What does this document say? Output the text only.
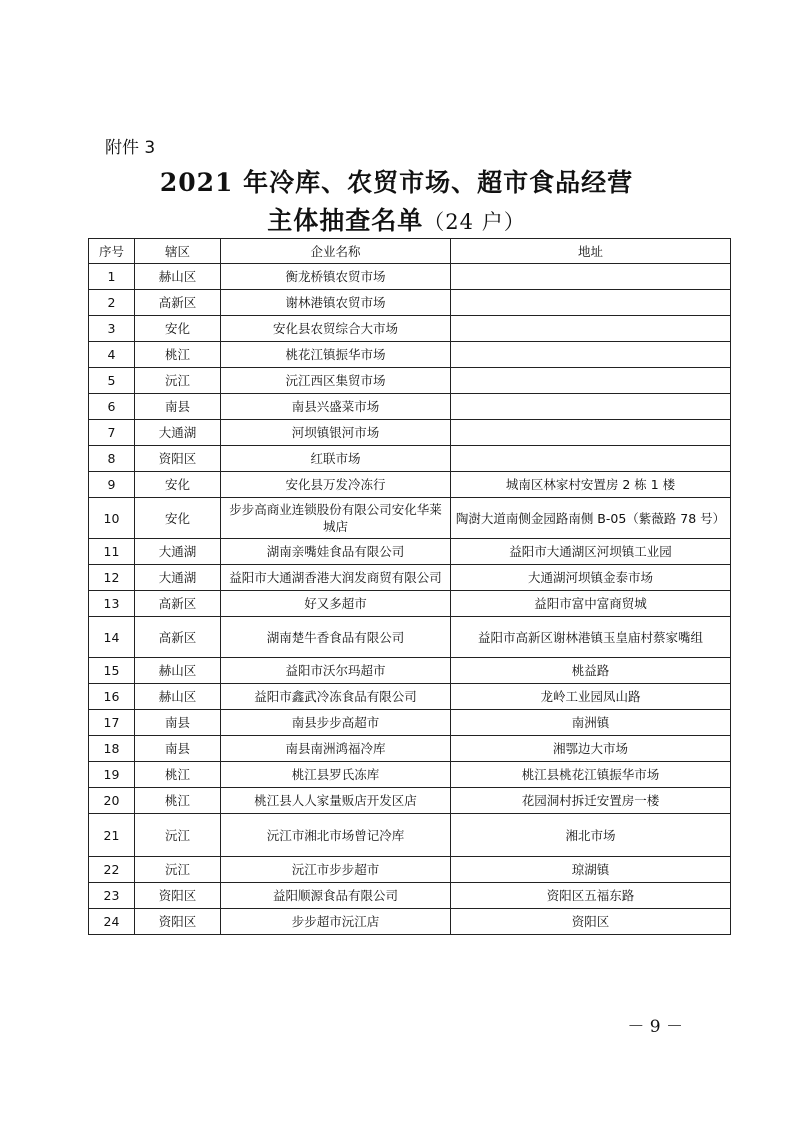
附件 3
2021 年冷库、农贸市场、超市食品经营
主体抽查名单（24 户）
序号	辖区	企业名称	地址
1	赫山区	衡龙桥镇农贸市场	
2	高新区	谢林港镇农贸市场	
3	安化	安化县农贸综合大市场	
4	桃江	桃花江镇振华市场	
5	沅江	沅江西区集贸市场	
6	南县	南县兴盛菜市场	
7	大通湖	河坝镇银河市场	
8	资阳区	红联市场	
9	安化	安化县万发冷冻行	城南区林家村安置房 2 栋 1 楼
10	安化	步步高商业连锁股份有限公司安化华莱城店	陶澍大道南侧金园路南侧 B-05（紫薇路 78 号）
11	大通湖	湖南亲嘴娃食品有限公司	益阳市大通湖区河坝镇工业园
12	大通湖	益阳市大通湖香港大润发商贸有限公司	大通湖河坝镇金泰市场
13	高新区	好又多超市	益阳市富中富商贸城
14	高新区	湖南楚牛香食品有限公司	益阳市高新区谢林港镇玉皇庙村蔡家嘴组
15	赫山区	益阳市沃尔玛超市	桃益路
16	赫山区	益阳市鑫武冷冻食品有限公司	龙岭工业园凤山路
17	南县	南县步步高超市	南洲镇
18	南县	南县南洲鸿福冷库	湘鄂边大市场
19	桃江	桃江县罗氏冻库	桃江县桃花江镇振华市场
20	桃江	桃江县人人家量贩店开发区店	花园洞村拆迁安置房一楼
21	沅江	沅江市湘北市场曾记冷库	湘北市场
22	沅江	沅江市步步超市	琼湖镇
23	资阳区	益阳顺源食品有限公司	资阳区五福东路
24	资阳区	步步超市沅江店	资阳区
－ 9 －
